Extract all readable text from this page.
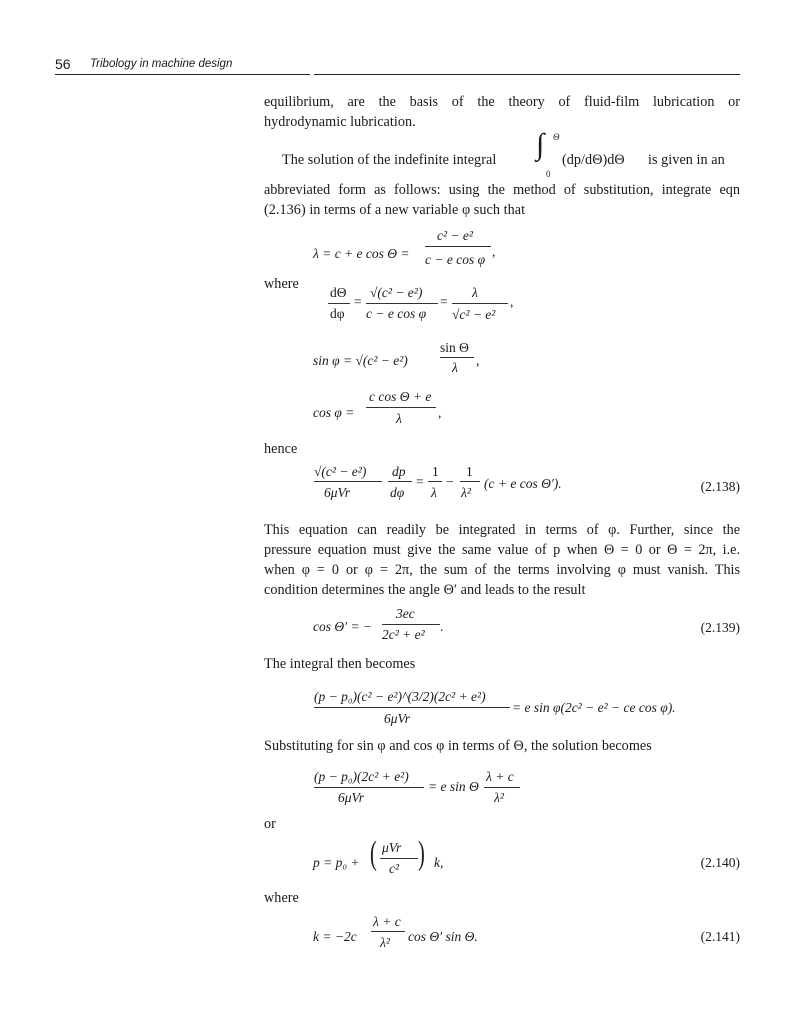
56 Tribology in machine design
equilibrium, are the basis of the theory of fluid-film lubrication or
hydrodynamic lubrication.
The solution of the indefinite integral ∫ Θ
0
(dp/dΘ)dΘ is given in an
abbreviated form as follows: using the method of substitution, integrate eqn
(2.136) in terms of a new variable φ such that
λ = c + e cos Θ =
c² − e²
c − e cos φ
,
where
dΘ
dφ
=
√(c² − e²)
c − e cos φ
=
λ
√c² − e²
,
sin φ = √(c² − e²)
sin Θ
λ ,
cos φ =
c cos Θ + e
λ	,
hence
√(c² − e²)
6μVr
dp
dφ
=
1
λ
−
1
λ²
(c + e cos Θ′).	(2.138)
This equation can readily be integrated in terms of φ. Further, since the
pressure equation must give the same value of p when Θ = 0 or Θ = 2π, i.e.
when φ = 0 or φ = 2π, the sum of the terms involving φ must vanish. This
condition determines the angle Θ′ and leads to the result
cos Θ′ = −
3ec
2c² + e²
.	(2.139)
The integral then becomes
(p − p₀)(c² − e²)^(3/2)(2c² + e²)
6μVr
= e sin φ(2c² − e² − ce cos φ).
Substituting for sin φ and cos φ in terms of Θ, the solution becomes
(p − p₀)(2c² + e²)
6μVr
= e sin Θ
λ + c
λ²
or
p = p₀ + ( μVr
c² ) k,	(2.140)
where
k = −2c
λ + c
λ² cos Θ′ sin Θ.	(2.141)
